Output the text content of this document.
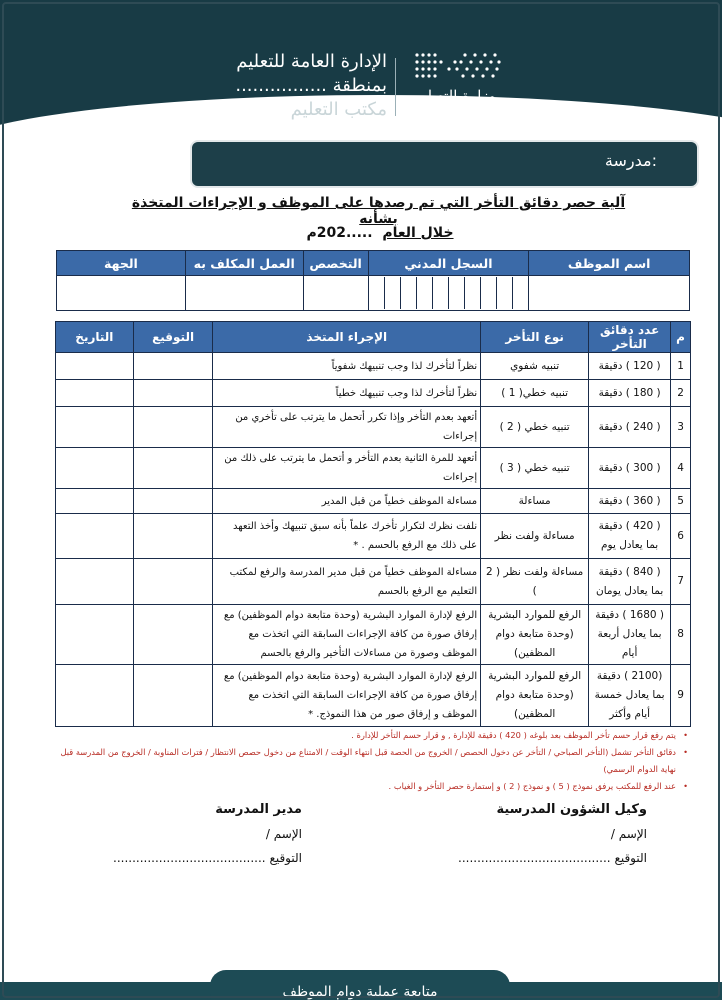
مدرسة:
وزارة التعـليم
Ministry of Education
الإدارة العامة للتعليم
بمنطقة ................
مكتب التعليم
آلية حصر دقائق التأخر التي تم رصدها على الموظف و الإجراءات المتخذة بشأنه
خلال العام  .....202م
اسم الموظف	السجل المدني	التخصص	العمل المكلف به	الجهة

م	عدد دقائق التأخر	نوع التأخر	الإجراء المتخذ	التوقيع	التاريخ
1	( 120 ) دقيقة	تنبيه شفوي	نظراً لتأخرك لذا وجب تنبيهك شفوياً		
2	( 180 ) دقيقة	تنبيه خطي( 1 )	نظراً لتأخرك لذا وجب تنبيهك خطياً		
3	( 240 ) دقيقة	تنبيه خطي ( 2 )	أتعهد بعدم التأخر وإذا تكرر أتحمل ما يترتب على تأخري من إجراءات		
4	( 300 ) دقيقة	تنبيه خطي ( 3 )	أتعهد للمرة الثانية بعدم التأخر و أتحمل ما يترتب على ذلك من إجراءات		
5	( 360 ) دقيقة	مساءلة	مساءلة الموظف خطياً من قبل المدير		
6	( 420 ) دقيقة بما يعادل يوم	مساءلة ولفت نظر	نلفت نظرك لتكرار تأخرك علماً بأنه سبق تنبيهك وأخذ التعهد على ذلك مع الرفع بالحسم . *		
7	( 840 ) دقيقة بما يعادل يومان	مساءلة ولفت نظر ( 2 )	مساءلة الموظف خطياً من قبل مدير المدرسة والرفع لمكتب التعليم مع الرفع بالحسم		
8	( 1680 ) دقيقة بما يعادل أربعة أيام	الرفع للموارد البشرية (وحدة متابعة دوام المظفين)	الرفع لإدارة الموارد البشرية (وحدة متابعة دوام الموظفين) مع إرفاق صورة من كافة الإجراءات السابقة التي اتخذت مع الموظف وصورة من مساءلات التأخير والرفع بالحسم		
9	(2100 ) دقيقة بما يعادل خمسة أيام وأكثر	الرفع للموارد البشرية (وحدة متابعة دوام المظفين)	الرفع لإدارة الموارد البشرية (وحدة متابعة دوام الموظفين) مع إرفاق صورة من كافة الإجراءات السابقة التي اتخذت مع الموظف و إرفاق صور من هذا النموذج. *		
• يتم رفع قرار حسم تأخر الموظف بعد بلوغه ( 420 ) دقيقة للإدارة , و قرار حسم التأخر للإدارة .
• دقائق التأخر تشمل (التأخر الصباحي / التأخر عن دخول الحصص / الخروج من الحصة قبل انتهاء الوقت / الامتناع من دخول حصص الانتظار / فترات المناوبة / الخروج من المدرسة قبل نهاية الدوام الرسمي)
• عند الرفع للمكتب يرفق نموذج ( 5 ) و نموذج ( 2 ) و إستمارة حصر التأخر و الغياب .
وكيل الشؤون المدرسية
الإسم /
التوقيع ........................................
مدير المدرسة
الإسم /
التوقيع ........................................
متابعة عملية دوام الموظف
